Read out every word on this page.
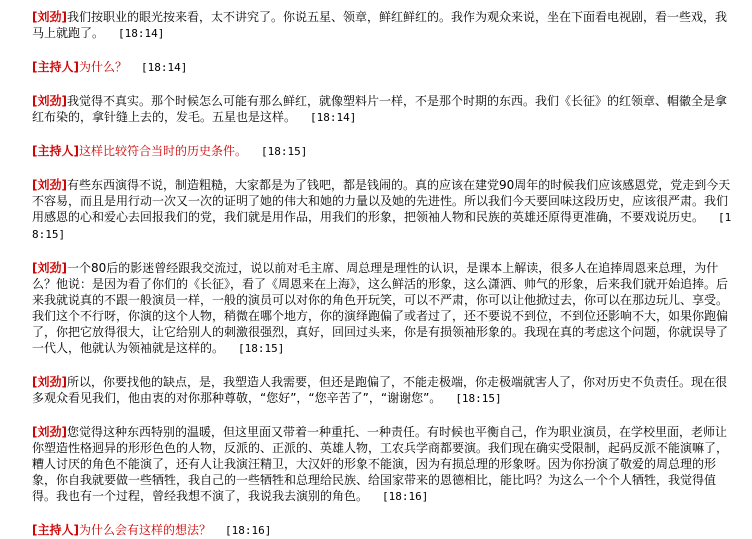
[刘劲]我们按职业的眼光按来看，太不讲究了。你说五星、领章，鲜红鲜红的。我作为观众来说，坐在下面看电视剧，看一些戏，我马上就跑了。 [18:14]

[主持人]为什么？ [18:14]

[刘劲]我觉得不真实。那个时候怎么可能有那么鲜红，就像塑料片一样，不是那个时期的东西。我们《长征》的红领章、帽徽全是拿红布染的，拿针缝上去的，发毛。五星也是这样。 [18:14]

[主持人]这样比较符合当时的历史条件。 [18:15]

[刘劲]有些东西演得不说，制造粗糙，大家都是为了钱吧，都是钱闹的。真的应该在建党90周年的时候我们应该感恩党，党走到今天不容易，而且是用行动一次又一次的证明了她的伟大和她的力量以及她的先进性。所以我们今天要回味这段历史，应该很严肃。我们用感恩的心和爱心去回报我们的党，我们就是用作品，用我们的形象，把领袖人物和民族的英雄还原得更准确，不要戏说历史。 [18:15]

[刘劲]一个80后的影迷曾经跟我交流过，说以前对毛主席、周总理是理性的认识，是课本上解读，很多人在追捧周恩来总理，为什么？他说：是因为看了你们的《长征》，看了《周恩来在上海》，这么鲜活的形象，这么潇洒、帅气的形象，后来我们就开始追捧。后来我就说真的不跟一般演员一样，一般的演员可以对你的角色开玩笑，可以不严肃，你可以让他掀过去，你可以在那边玩儿、享受。我们这个不行呀，你演的这个人物，稍微在哪个地方，你的演绎跑偏了或者过了，还不要说不到位，不到位还影响不大，如果你跑偏了，你把它放得很大，让它给别人的刺激很强烈，真好，回回过头来，你是有损领袖形象的。我现在真的考虑这个问题，你就误导了一代人，他就认为领袖就是这样的。 [18:15]

[刘劲]所以，你要找他的缺点，是，我塑造人我需要，但还是跑偏了，不能走极端，你走极端就害人了，你对历史不负责任。现在很多观众看见我们，他由衷的对你那种尊敬，“您好”，“您辛苦了”，“谢谢您”。 [18:15]

[刘劲]您觉得这种东西特别的温暖，但这里面又带着一种重托、一种责任。有时候也平衡自己，作为职业演员，在学校里面，老师让你塑造性格迥异的形形色色的人物，反派的、正派的、英雄人物，工农兵学商都要演。我们现在确实受限制，起码反派不能演嘛了，糟人讨厌的角色不能演了，还有人让我演汪精卫，大汉奸的形象不能演，因为有损总理的形象呀。因为你扮演了敬爱的周总理的形象，你自我就要做一些牺牲，我自己的一些牺牲和总理给民族、给国家带来的恩德相比，能比吗？为这么一个个人牺牲，我觉得值得。我也有一个过程，曾经我想不演了，我说我去演别的角色。 [18:16]

[主持人]为什么会有这样的想法？ [18:16]
